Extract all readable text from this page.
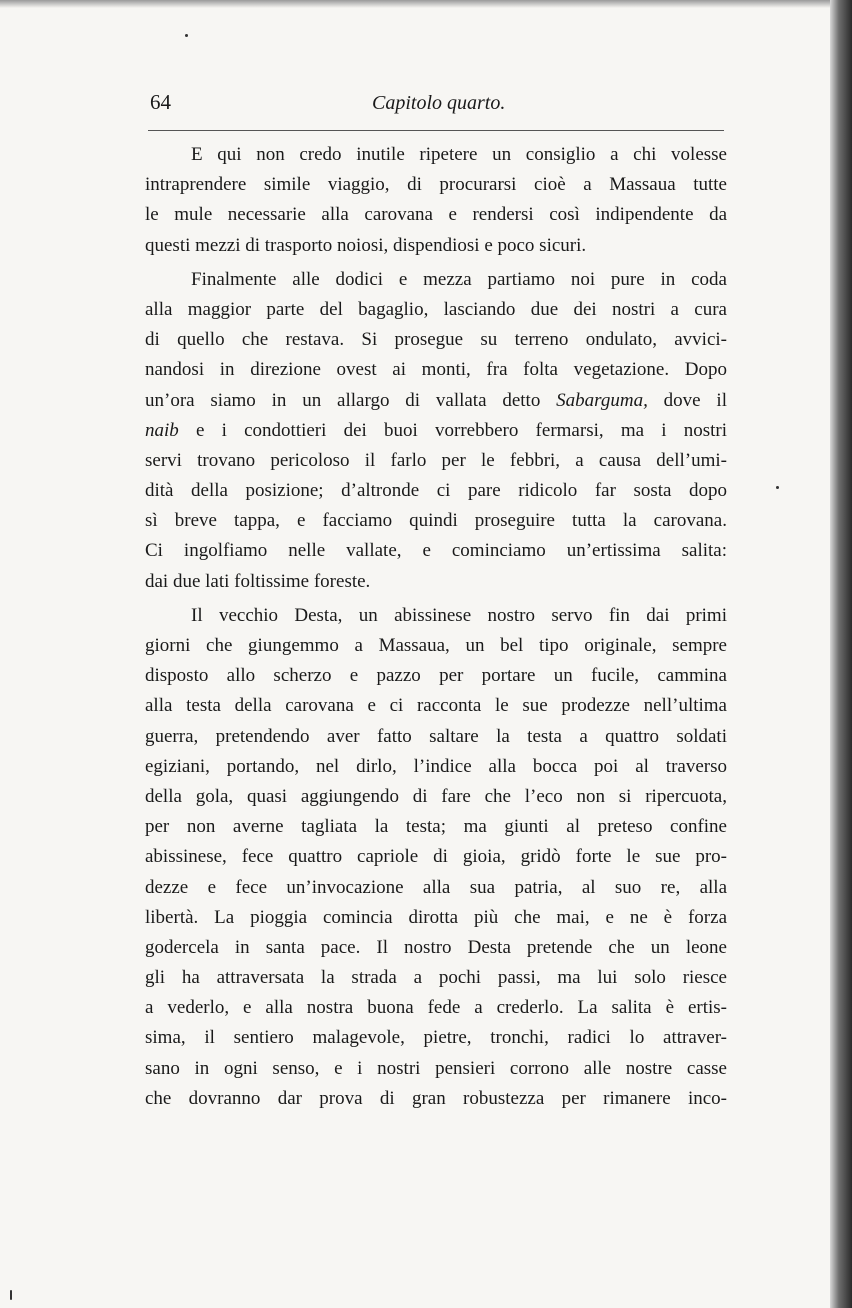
64	Capitolo quarto.
E qui non credo inutile ripetere un consiglio a chi volesse
intraprendere simile viaggio, di procurarsi cioè a Massaua tutte
le mule necessarie alla carovana e rendersi così indipendente da
questi mezzi di trasporto noiosi, dispendiosi e poco sicuri.
Finalmente alle dodici e mezza partiamo noi pure in coda
alla maggior parte del bagaglio, lasciando due dei nostri a cura
di quello che restava. Si prosegue su terreno ondulato, avvici-
nandosi in direzione ovest ai monti, fra folta vegetazione. Dopo
un’ora siamo in un allargo di vallata detto Sabarguma, dove il
naib e i condottieri dei buoi vorrebbero fermarsi, ma i nostri
servi trovano pericoloso il farlo per le febbri, a causa dell’umi-
dità della posizione; d’altronde ci pare ridicolo far sosta dopo
sì breve tappa, e facciamo quindi proseguire tutta la carovana.
Ci ingolfiamo nelle vallate, e cominciamo un’ertissima salita:
dai due lati foltissime foreste.
Il vecchio Desta, un abissinese nostro servo fin dai primi
giorni che giungemmo a Massaua, un bel tipo originale, sempre
disposto allo scherzo e pazzo per portare un fucile, cammina
alla testa della carovana e ci racconta le sue prodezze nell’ultima
guerra, pretendendo aver fatto saltare la testa a quattro soldati
egiziani, portando, nel dirlo, l’indice alla bocca poi al traverso
della gola, quasi aggiungendo di fare che l’eco non si ripercuota,
per non averne tagliata la testa; ma giunti al preteso confine
abissinese, fece quattro capriole di gioia, gridò forte le sue pro-
dezze e fece un’invocazione alla sua patria, al suo re, alla
libertà. La pioggia comincia dirotta più che mai, e ne è forza
godercela in santa pace. Il nostro Desta pretende che un leone
gli ha attraversata la strada a pochi passi, ma lui solo riesce
a vederlo, e alla nostra buona fede a crederlo. La salita è ertis-
sima, il sentiero malagevole, pietre, tronchi, radici lo attraver-
sano in ogni senso, e i nostri pensieri corrono alle nostre casse
che dovranno dar prova di gran robustezza per rimanere inco-
